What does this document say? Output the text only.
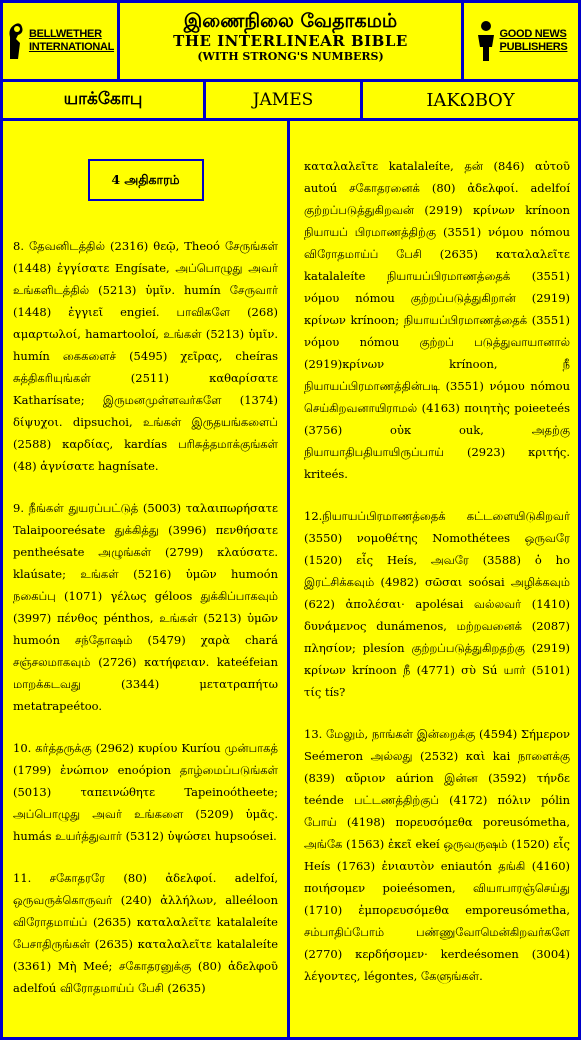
BELLWETHER
INTERNATIONAL
இணைநிலை வேதாகமம்
THE INTERLINEAR BIBLE
(WITH STRONG'S NUMBERS)
GOOD NEWS
PUBLISHERS
யாக்கோபு	JAMES	ΙΑΚΩΒΟΥ
4 அதிகாரம்

8. தேவனிடத்தில் (2316) θεῷ, Theoó சேருங்கள் (1448) ἐγγίσατε Engísate, அப்பொழுது அவர் உங்களிடத்தில் (5213) ὑμῖν. humín சேருவார் (1448) ἐγγιεῖ engieí. பாவிகளே (268) αμαρτωλοί, hamartooloí, உங்கள் (5213) ὑμῖν. humín கைகளைச் (5495) χεῖρας, cheíras சுத்திகரியுங்கள் (2511) καθαρίσατε Katharísate; இருமனமுள்ளவர்களே (1374) δίψυχοι. dipsuchoi, உங்கள் இருதயங்களைப் (2588) καρδίας, kardías பரிசுத்தமாக்குங்கள் (48) ἁγνίσατε hagnísate.

9. நீங்கள் துயரப்பட்டுத் (5003) ταλαιπωρήσατε Talaipooreésate துக்கித்து (3996) πενθήσατε pentheésate அழுங்கள் (2799) κλαύσατε. klaúsate; உங்கள் (5216) ὑμῶν humoón நகைப்பு (1071) γέλως géloos துக்கிப்பாகவும் (3997) πένθος pénthos, உங்கள் (5213) ὑμῶν humoón சந்தோஷம் (5479) χαρὰ chará சஞ்சலமாகவும் (2726) κατήφειαν. kateéfeian மாறக்கடவது (3344) μετατραπήτω metatrapeétoo.

10. கர்த்தருக்கு (2962) κυρίου Kuríou முன்பாகத் (1799) ἐνώπιον enoópion தாழ்மைப்படுங்கள் (5013) ταπεινώθητε Tapeinoótheete; அப்பொழுது அவர் உங்களை (5209) ὑμᾶς. humás உயர்த்துவார் (5312) ὑψώσει hupsoósei.

11. சகோதரரே (80) ἀδελφοί. adelfoí, ஒருவருக்கொருவர் (240) ἀλλήλων, alleéloon விரோதமாய்ப் (2635) καταλαλεῖτε katalaleíte பேசாதிருங்கள் (2635) καταλαλεῖτε katalaleíte (3361) Μὴ Meé; சகோதரனுக்கு (80) ἀδελφοῦ adelfoú விரோதமாய்ப் பேசி (2635)

καταλαλεῖτε katalaleíte, தன் (846) αὐτοῦ autoú சகோதரனைக் (80) ἀδελφοί. adelfoí குற்றப்படுத்துகிறவன் (2919) κρίνων krínoon நியாயப் பிரமாணத்திற்கு (3551) νόμου nómou விரோதமாய்ப் பேசி (2635) καταλαλεῖτε katalaleíte நியாயப்பிரமாணத்தைக் (3551) νόμου nómou குற்றப்படுத்துகிறான் (2919) κρίνων krínoon; நியாயப்பிரமாணத்தைக் (3551) νόμου nómou குற்றப் படுத்துவாயானால் (2919)κρίνων krínoon, நீ நியாயப்பிரமாணத்தின்படி (3551) νόμου nómou செய்கிறவனாயிராமல் (4163) ποιητὴς poieeteés (3756) οὐκ ouk, அதற்கு நியாயாதிபதியாயிருப்பாய் (2923) κριτής. kriteés.

12.நியாயப்பிரமாணத்தைக் கட்டளையிடுகிறவர் (3550) νομοθέτης Nomothétees ஒருவரே (1520) εἷς Heís, அவரே (3588) ὁ ho இரட்சிக்கவும் (4982) σῶσαι soósai அழிக்கவும் (622) ἀπολέσαι· apolésai வல்லவர் (1410) δυνάμενος dunámenos, மற்றவனைக் (2087) πλησίον; plesíon குற்றப்படுத்துகிறதற்கு (2919) κρίνων krínoon நீ (4771) σὺ Sú யார் (5101) τίς tís?

13. மேலும், நாங்கள் இன்றைக்கு (4594) Σήμερον Seémeron அல்லது (2532) καὶ kai நாளைக்கு (839) αὔριον aúrion இன்ன (3592) τήνδε teénde பட்டணத்திற்குப் (4172) πόλιν pólin போய் (4198) πορευσόμεθα poreusómetha, அங்கே (1563) ἐκεῖ ekeí ஒருவருஷம் (1520) εἷς Heís (1763) ἐνιαυτὸν eniautón தங்கி (4160) ποιήσομεν poieésomen, வியாபாரஞ்செய்து (1710) ἐμπορευσόμεθα emporeusómetha, சம்பாதிப்போம் பண்ணுவோமென்கிறவர்களே (2770) κερδήσομεν· kerdeésomen (3004) λέγοντες, légontes, கேளுங்கள்.
